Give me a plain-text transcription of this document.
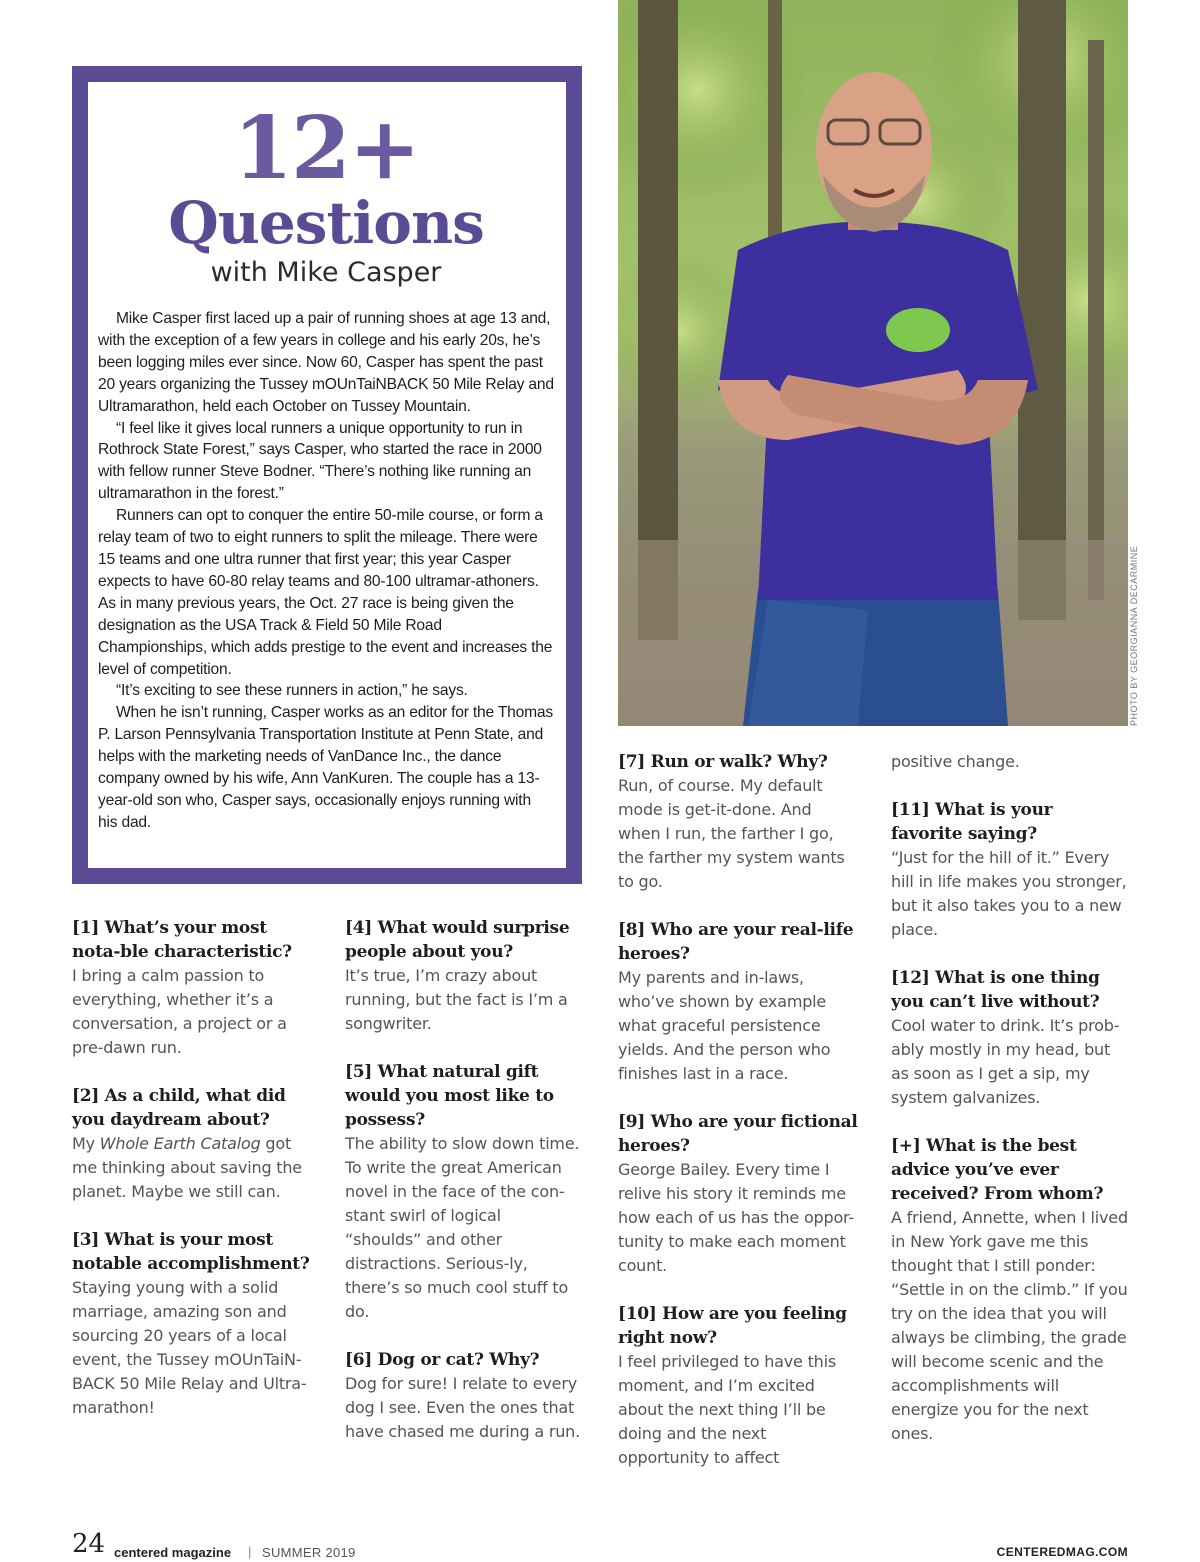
12+
Questions
with Mike Casper

Mike Casper first laced up a pair of running shoes at age 13 and, with the exception of a few years in college and his early 20s, he’s been logging miles ever since. Now 60, Casper has spent the past 20 years organizing the Tussey mOUnTaiNBACK 50 Mile Relay and Ultramarathon, held each October on Tussey Mountain.

“I feel like it gives local runners a unique opportunity to run in Rothrock State Forest,” says Casper, who started the race in 2000 with fellow runner Steve Bodner. “There’s nothing like running an ultramarathon in the forest.”

Runners can opt to conquer the entire 50-mile course, or form a relay team of two to eight runners to split the mileage. There were 15 teams and one ultra runner that first year; this year Casper expects to have 60-80 relay teams and 80-100 ultramar-athoners. As in many previous years, the Oct. 27 race is being given the designation as the USA Track & Field 50 Mile Road Championships, which adds prestige to the event and increases the level of competition.

“It’s exciting to see these runners in action,” he says.

When he isn’t running, Casper works as an editor for the Thomas P. Larson Pennsylvania Transportation Institute at Penn State, and helps with the marketing needs of VanDance Inc., the dance company owned by his wife, Ann VanKuren. The couple has a 13-year-old son who, Casper says, occasionally enjoys running with his dad.

PHOTO BY GEORGIANNA DECARMINE
[1] What’s your most nota-ble characteristic?
I bring a calm passion to everything, whether it’s a conversation, a project or a pre-dawn run.
[2] As a child, what did you daydream about?
My Whole Earth Catalog got me thinking about saving the planet. Maybe we still can.
[3] What is your most notable accomplishment?
Staying young with a solid marriage, amazing son and sourcing 20 years of a local event, the Tussey mOUnTaiN-BACK 50 Mile Relay and Ultra-marathon!
[4] What would surprise people about you?
It’s true, I’m crazy about running, but the fact is I’m a songwriter.
[5] What natural gift would you most like to possess?
The ability to slow down time. To write the great American novel in the face of the con-stant swirl of logical “shoulds” and other distractions. Serious-ly, there’s so much cool stuff to do.
[6] Dog or cat? Why?
Dog for sure! I relate to every dog I see. Even the ones that have chased me during a run.
[7] Run or walk? Why?
Run, of course. My default mode is get-it-done. And when I run, the farther I go, the farther my system wants to go.
[8] Who are your real-life heroes?
My parents and in-laws, who’ve shown by example what graceful persistence yields. And the person who finishes last in a race.
[9] Who are your fictional heroes?
George Bailey. Every time I relive his story it reminds me how each of us has the oppor-tunity to make each moment count.
[10] How are you feeling right now?
I feel privileged to have this moment, and I’m excited about the next thing I’ll be doing and the next opportunity to affect
positive change.
[11] What is your favorite saying?
“Just for the hill of it.” Every hill in life makes you stronger, but it also takes you to a new place.
[12] What is one thing you can’t live without?
Cool water to drink. It’s prob-ably mostly in my head, but as soon as I get a sip, my system galvanizes.
[+] What is the best advice you’ve ever received? From whom?
A friend, Annette, when I lived in New York gave me this thought that I still ponder: “Settle in on the climb.” If you try on the idea that you will always be climbing, the grade will become scenic and the accomplishments will energize you for the next ones.
24 centered magazine | SUMMER 2019	CENTEREDMAG.COM
